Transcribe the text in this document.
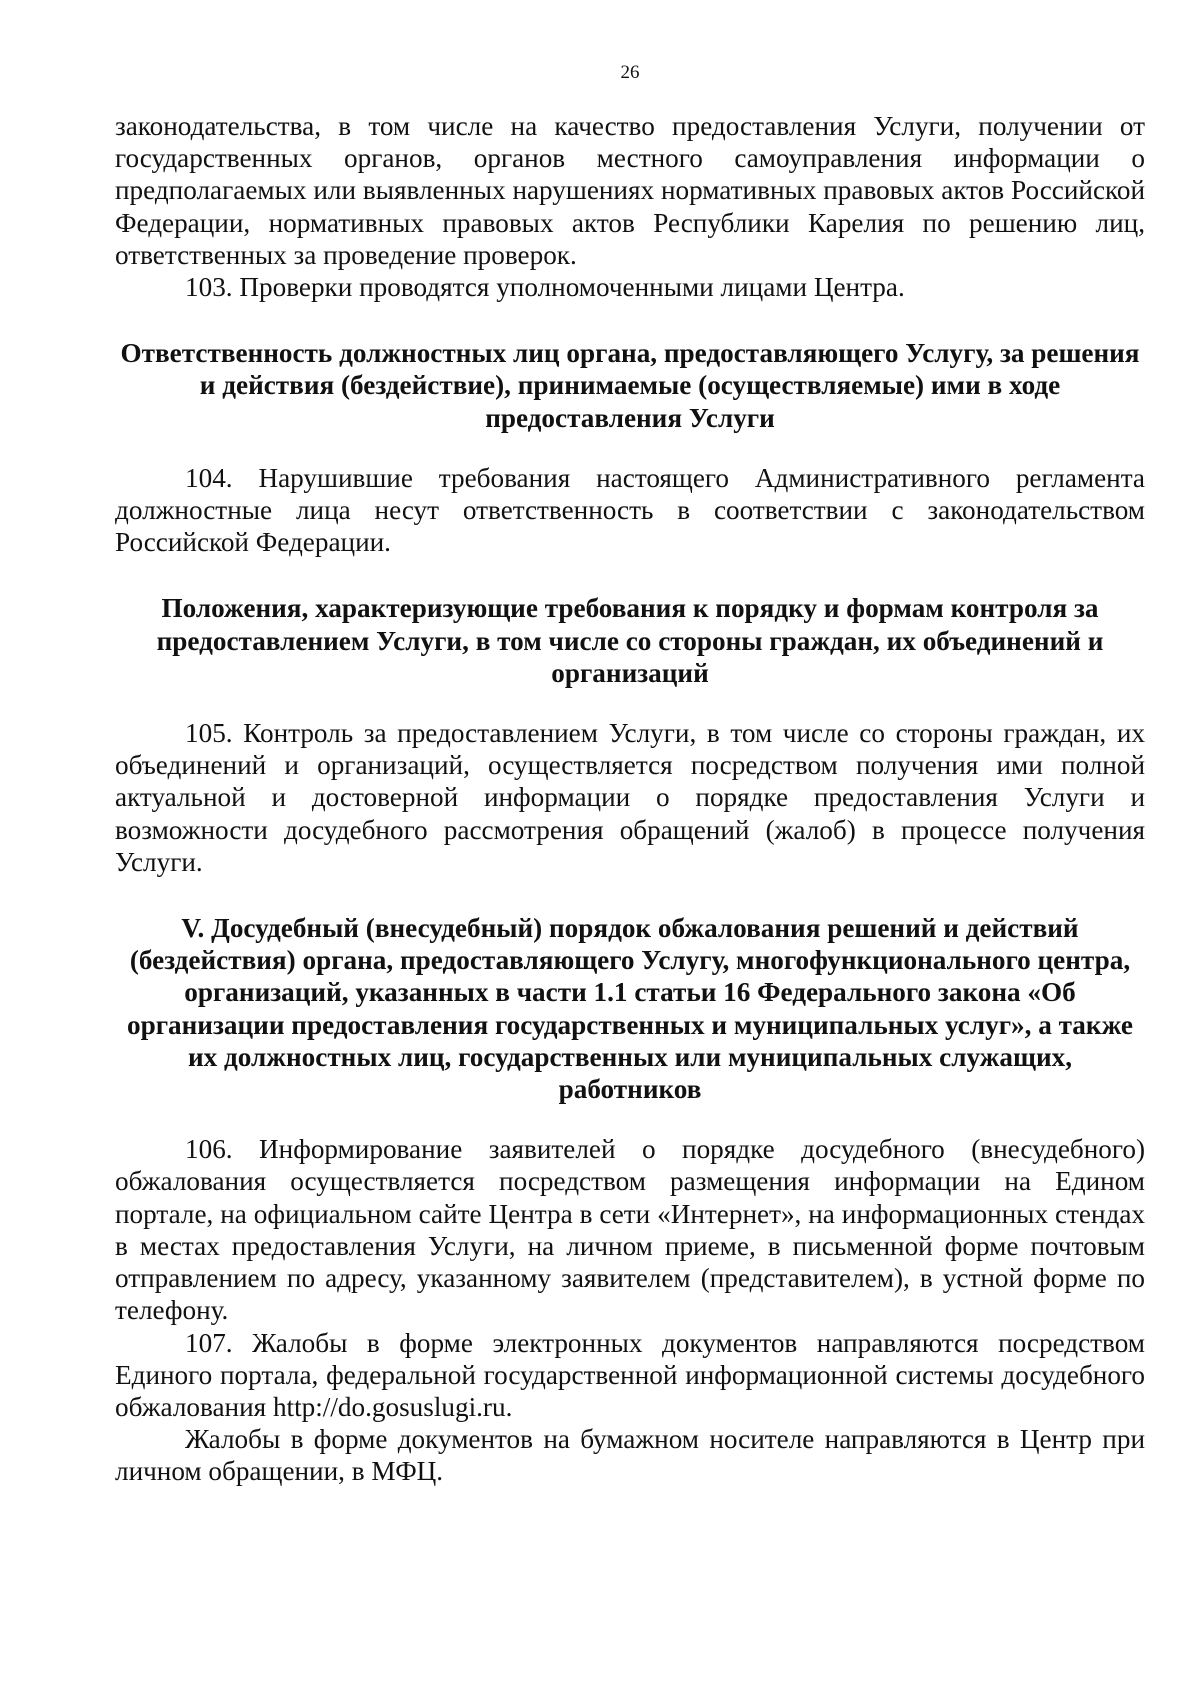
26

законодательства, в том числе на качество предоставления Услуги, получении от государственных органов, органов местного самоуправления информации о предполагаемых или выявленных нарушениях нормативных правовых актов Российской Федерации, нормативных правовых актов Республики Карелия по решению лиц, ответственных за проведение проверок.

103. Проверки проводятся уполномоченными лицами Центра.

Ответственность должностных лиц органа, предоставляющего Услугу, за решения и действия (бездействие), принимаемые (осуществляемые) ими в ходе предоставления Услуги

104. Нарушившие требования настоящего Административного регламента должностные лица несут ответственность в соответствии с законодательством Российской Федерации.

Положения, характеризующие требования к порядку и формам контроля за предоставлением Услуги, в том числе со стороны граждан, их объединений и организаций

105. Контроль за предоставлением Услуги, в том числе со стороны граждан, их объединений и организаций, осуществляется посредством получения ими полной актуальной и достоверной информации о порядке предоставления Услуги и возможности досудебного рассмотрения обращений (жалоб) в процессе получения Услуги.

V. Досудебный (внесудебный) порядок обжалования решений и действий (бездействия) органа, предоставляющего Услугу, многофункционального центра, организаций, указанных в части 1.1 статьи 16 Федерального закона «Об организации предоставления государственных и муниципальных услуг», а также их должностных лиц, государственных или муниципальных служащих, работников

106. Информирование заявителей о порядке досудебного (внесудебного) обжалования осуществляется посредством размещения информации на Едином портале, на официальном сайте Центра в сети «Интернет», на информационных стендах в местах предоставления Услуги, на личном приеме, в письменной форме почтовым отправлением по адресу, указанному заявителем (представителем), в устной форме по телефону.

107. Жалобы в форме электронных документов направляются посредством Единого портала, федеральной государственной информационной системы досудебного обжалования http://do.gosuslugi.ru.

Жалобы в форме документов на бумажном носителе направляются в Центр при личном обращении, в МФЦ.
